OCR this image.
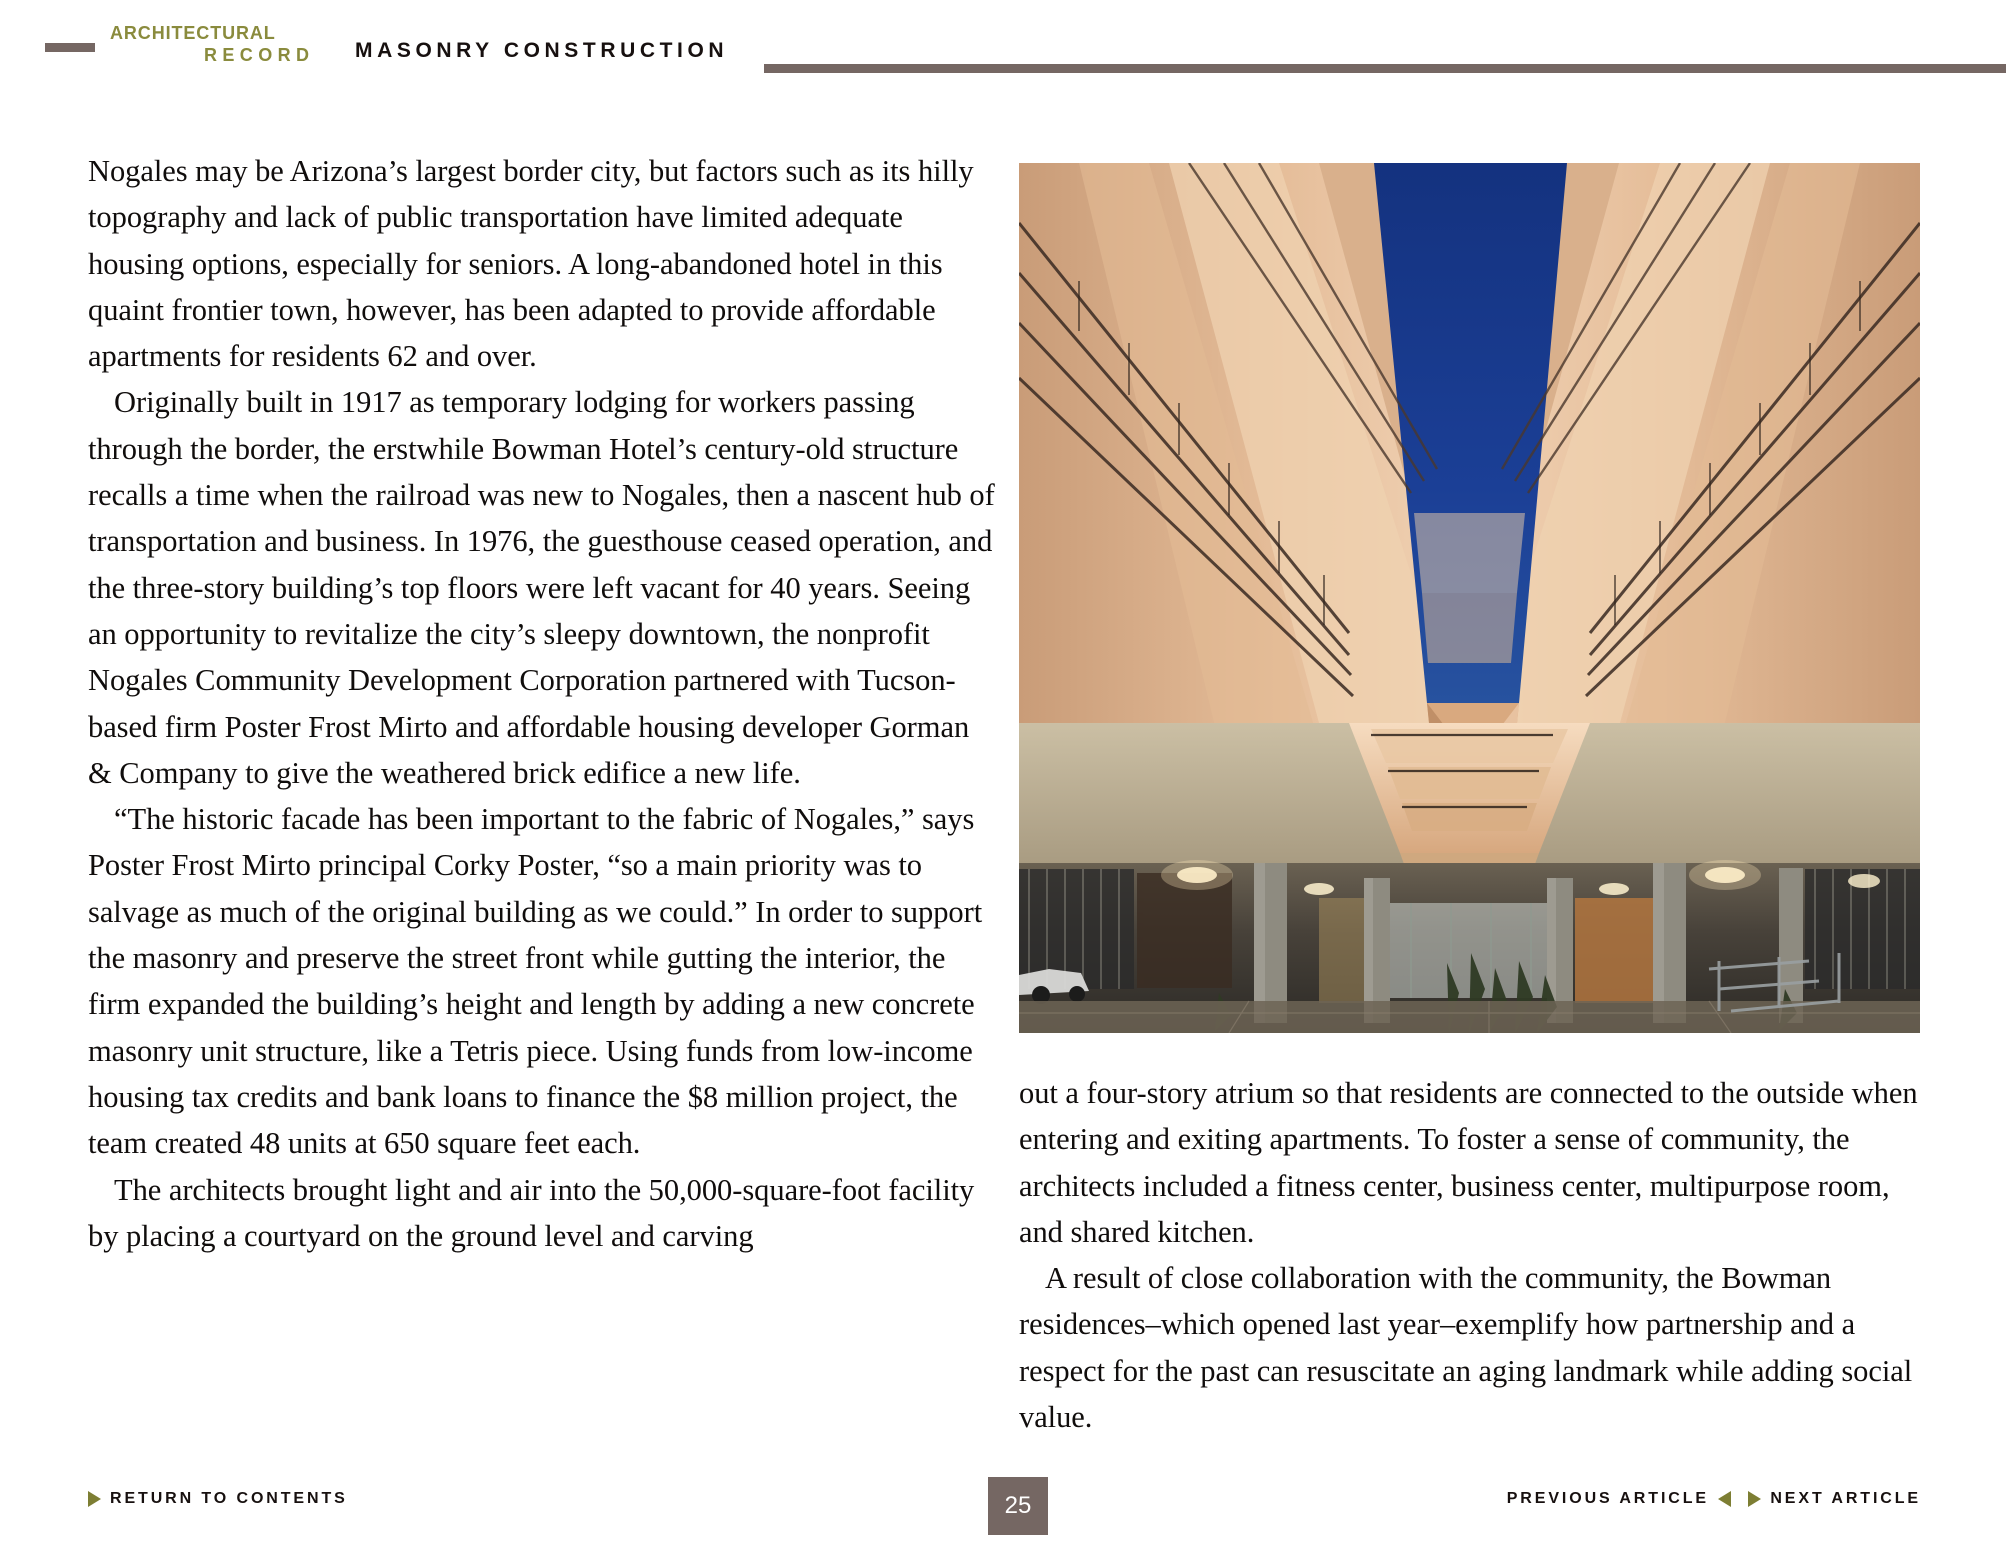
ARCHITECTURAL
RECORD MASONRY CONSTRUCTION

Nogales may be Arizona’s largest border city, but factors such as its hilly topography and lack of public transportation have limited adequate housing options, especially for seniors. A long-abandoned hotel in this quaint frontier town, however, has been adapted to provide affordable apartments for residents 62 and over.

Originally built in 1917 as temporary lodging for workers passing through the border, the erstwhile Bowman Hotel’s century-old structure recalls a time when the railroad was new to Nogales, then a nascent hub of transportation and business. In 1976, the guesthouse ceased operation, and the three-story building’s top floors were left vacant for 40 years. Seeing an opportunity to revitalize the city’s sleepy downtown, the nonprofit Nogales Community Development Corporation partnered with Tucson-based firm Poster Frost Mirto and affordable housing developer Gorman & Company to give the weathered brick edifice a new life.

“The historic facade has been important to the fabric of Nogales,” says Poster Frost Mirto principal Corky Poster, “so a main priority was to salvage as much of the original building as we could.” In order to support the masonry and preserve the street front while gutting the interior, the firm expanded the building’s height and length by adding a new concrete masonry unit structure, like a Tetris piece. Using funds from low-income housing tax credits and bank loans to finance the $8 million project, the team created 48 units at 650 square feet each.

The architects brought light and air into the 50,000-square-foot facility by placing a courtyard on the ground level and carving

out a four-story atrium so that residents are connected to the outside when entering and exiting apartments. To foster a sense of community, the architects included a fitness center, business center, multipurpose room, and shared kitchen.

A result of close collaboration with the community, the Bowman residences–which opened last year–exemplify how partnership and a respect for the past can resuscitate an aging landmark while adding social value.

RETURN TO CONTENTS	PREVIOUS ARTICLE	NEXT ARTICLE
25
